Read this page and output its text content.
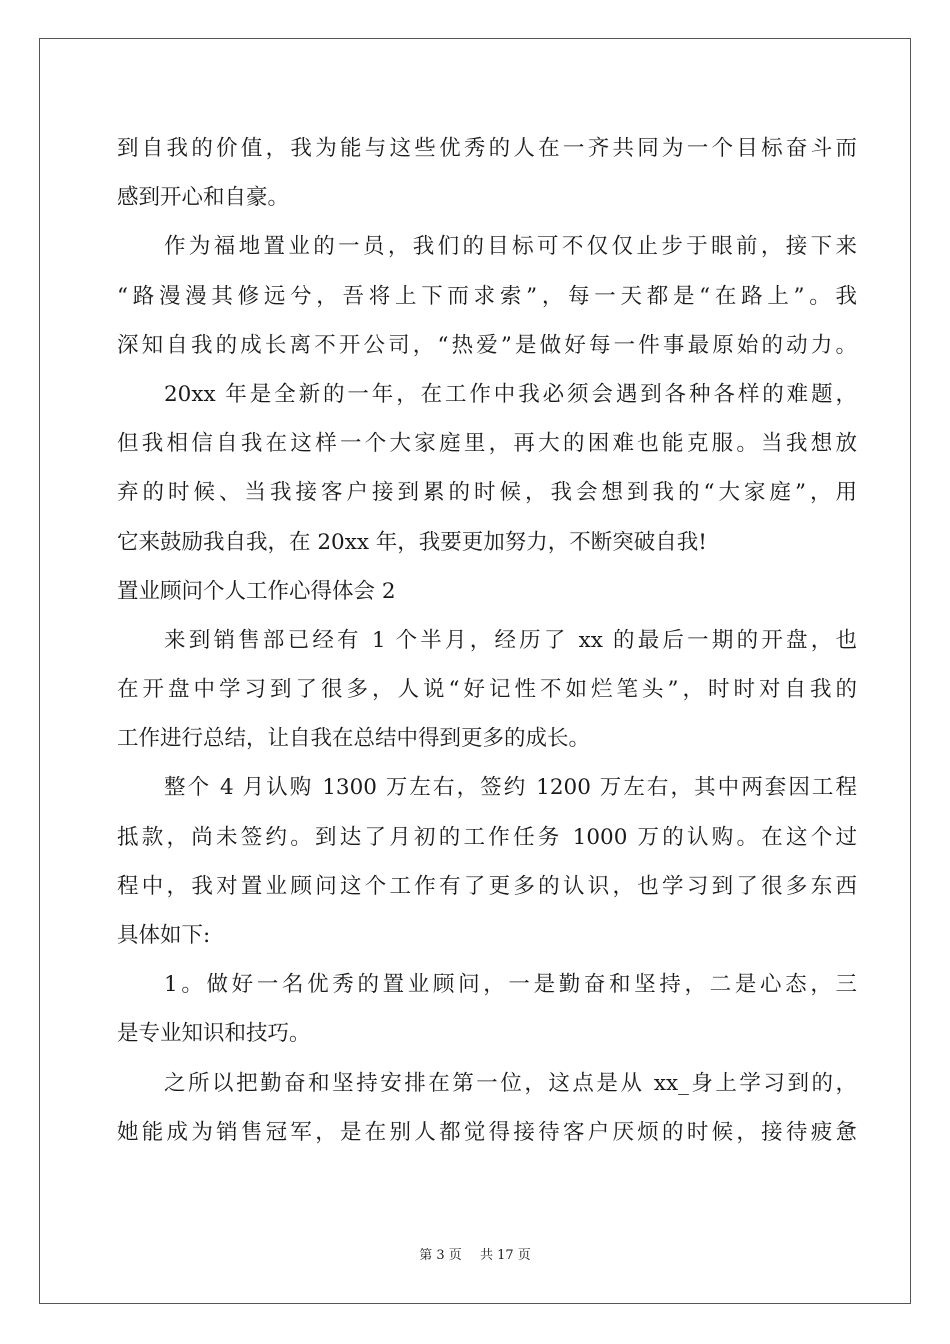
到自我的价值，我为能与这些优秀的人在一齐共同为一个目标奋斗而
感到开心和自豪。
作为福地置业的一员，我们的目标可不仅仅止步于眼前，接下来
“路漫漫其修远兮，吾将上下而求索”，每一天都是“在路上”。我
深知自我的成长离不开公司，“热爱”是做好每一件事最原始的动力。
20xx 年是全新的一年，在工作中我必须会遇到各种各样的难题，
但我相信自我在这样一个大家庭里，再大的困难也能克服。当我想放
弃的时候、当我接客户接到累的时候，我会想到我的“大家庭”，用
它来鼓励我自我，在 20xx 年，我要更加努力，不断突破自我!
置业顾问个人工作心得体会 2
来到销售部已经有 1 个半月，经历了 xx 的最后一期的开盘，也
在开盘中学习到了很多，人说“好记性不如烂笔头”，时时对自我的
工作进行总结，让自我在总结中得到更多的成长。
整个 4 月认购 1300 万左右，签约 1200 万左右，其中两套因工程
抵款，尚未签约。到达了月初的工作任务 1000 万的认购。在这个过
程中，我对置业顾问这个工作有了更多的认识，也学习到了很多东西
具体如下:
1。做好一名优秀的置业顾问，一是勤奋和坚持，二是心态，三
是专业知识和技巧。
之所以把勤奋和坚持安排在第一位，这点是从 xx_身上学习到的，
她能成为销售冠军，是在别人都觉得接待客户厌烦的时候，接待疲惫
第 3 页 共 17 页
